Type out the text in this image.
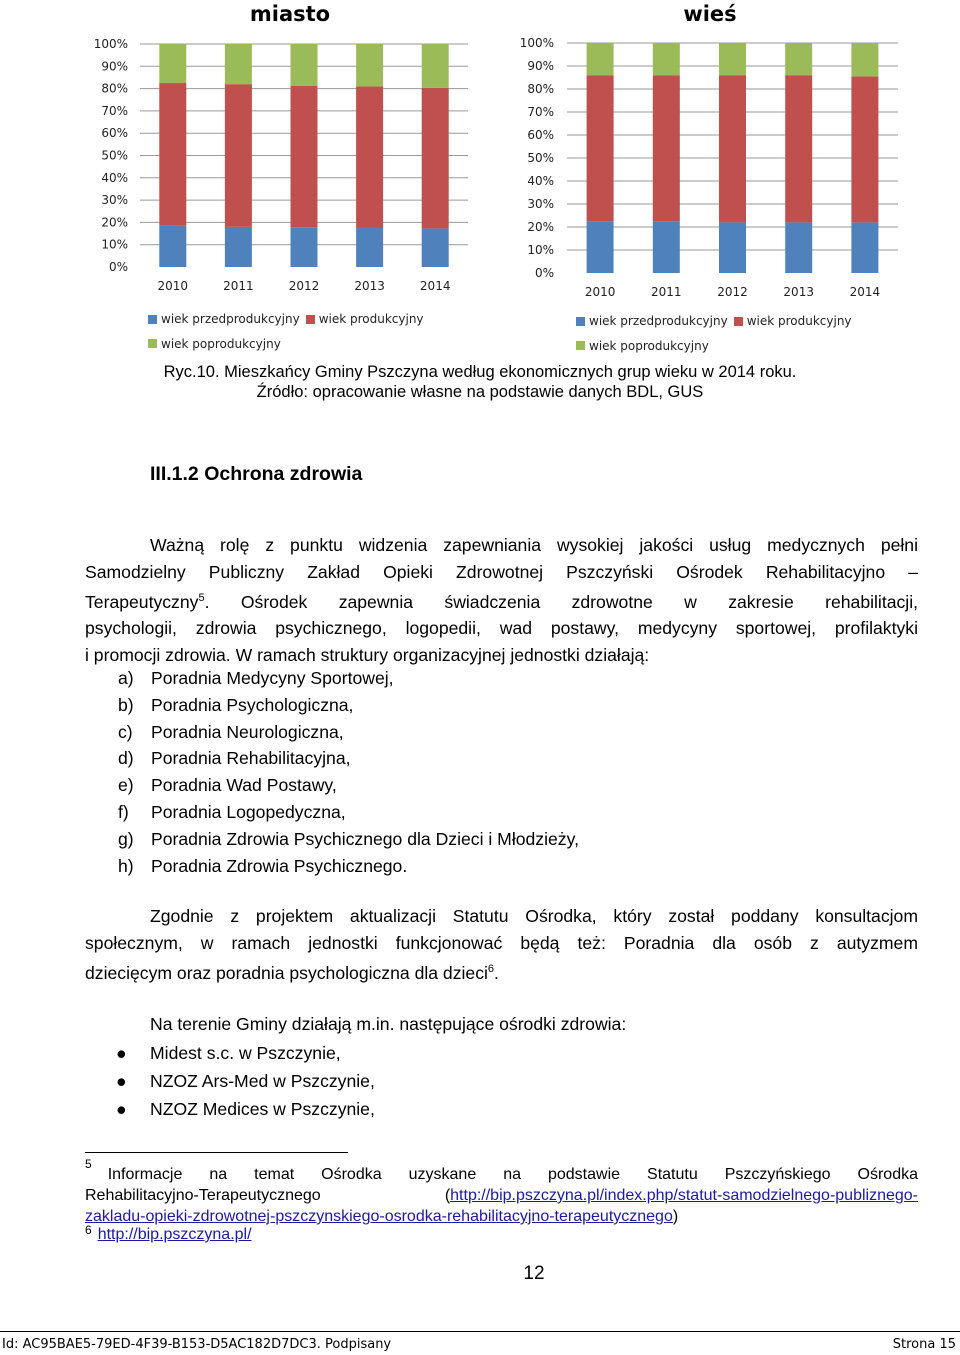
miasto
0%
10%
20%
30%
40%
50%
60%
70%
80%
90%
100%
2010	2011	2012	2013	2014
wiek przedprodukcyjny wiek produkcyjny

wiek poprodukcyjny
wieś
0%
10%
20%
30%
40%
50%
60%
70%
80%
90%
100%
2010	2011	2012	2013	2014
wiek przedprodukcyjny wiek produkcyjny

wiek poprodukcyjny
Ryc.10. Mieszkańcy Gminy Pszczyna według ekonomicznych grup wieku w 2014 roku.
Źródło: opracowanie własne na podstawie danych BDL, GUS
III.1.2 Ochrona zdrowia
Ważną rolę z punktu widzenia zapewniania wysokiej jakości usług medycznych pełni
Samodzielny Publiczny Zakład Opieki Zdrowotnej Pszczyński Ośrodek Rehabilitacyjno –
Terapeutyczny$^5$. Ośrodek zapewnia świadczenia zdrowotne w zakresie rehabilitacji,
psychologii, zdrowia psychicznego, logopedii, wad postawy, medycyny sportowej, profilaktyki
i promocji zdrowia. W ramach struktury organizacyjnej jednostki działają:
a) Poradnia Medycyny Sportowej,
b) Poradnia Psychologiczna,
c) Poradnia Neurologiczna,
d) Poradnia Rehabilitacyjna,
e) Poradnia Wad Postawy,
f) Poradnia Logopedyczna,
g) Poradnia Zdrowia Psychicznego dla Dzieci i Młodzieży,
h) Poradnia Zdrowia Psychicznego.
Zgodnie z projektem aktualizacji Statutu Ośrodka, który został poddany konsultacjom
społecznym, w ramach jednostki funkcjonować będą też: Poradnia dla osób z autyzmem
dziecięcym oraz poradnia psychologiczna dla dzieci$^6$.
Na terenie Gminy działają m.in. następujące ośrodki zdrowia:
● Midest s.c. w Pszczynie,
● NZOZ Ars-Med w Pszczynie,
● NZOZ Medices w Pszczynie,
5
Informacje na temat Ośrodka uzyskane na podstawie Statutu Pszczyńskiego Ośrodka
Rehabilitacyjno-Terapeutycznego	(http://bip.pszczyna.pl/index.php/statut-samodzielnego-publiznego-
zakladu-opieki-zdrowotnej-pszczynskiego-osrodka-rehabilitacyjno-terapeutycznego)
$^6$ http://bip.pszczyna.pl/
12
Id: AC95BAE5-79ED-4F39-B153-D5AC182D7DC3. Podpisany	Strona 15
